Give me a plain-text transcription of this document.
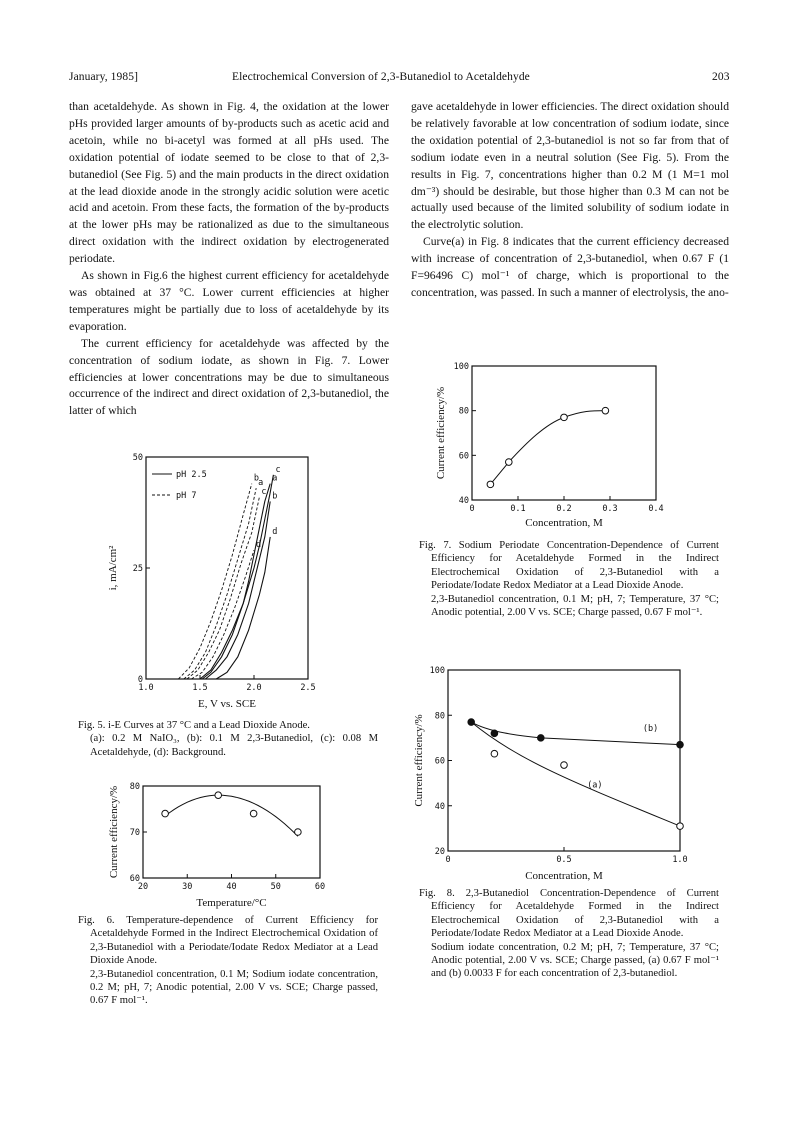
January, 1985]	Electrochemical Conversion of 2,3-Butanediol to Acetaldehyde	203

than acetaldehyde. As shown in Fig. 4, the oxidation at the lower pHs provided larger amounts of by-products such as acetic acid and acetoin, while no bi-acetyl was formed at all pHs used. The oxidation potential of iodate seemed to be close to that of 2,3-butanediol (See Fig. 5) and the main products in the direct oxidation at the lead dioxide anode in the strongly acidic solution were acetic acid and acetoin. From these facts, the formation of the by-products at the lower pHs may be rationalized as due to the simultaneous direct oxidation with the indirect oxidation by electrogenerated periodate.

As shown in Fig.6 the highest current efficiency for acetaldehyde was obtained at 37 °C. Lower current efficiencies at higher temperatures might be partially due to loss of acetaldehyde by its evaporation.

The current efficiency for acetaldehyde was affected by the concentration of sodium iodate, as shown in Fig. 7. Lower efficiencies at lower concentrations may be due to simultaneous occurrence of the indirect and direct oxidation of 2,3-butanediol, the latter of which

gave acetaldehyde in lower efficiencies. The direct oxidation should be relatively favorable at low concentration of sodium iodate, since the oxidation potential of 2,3-butanediol is not so far from that of sodium iodate even in a neutral solution (See Fig. 5). From the results in Fig. 7, concentrations higher than 0.2 M (1 M=1 mol dm⁻³) should be desirable, but those higher than 0.3 M can not be actually used because of the limited solubility of sodium iodate in the electrolytic solution.

Curve(a) in Fig. 8 indicates that the current efficiency decreased with increase of concentration of 2,3-butanediol, when 0.67 F (1 F=96496 C) mol⁻¹ of charge, which is proportional to the concentration, was passed. In such a manner of electrolysis, the ano-

1.0	1.5	2.0	2.5
0
25
50
E, V vs. SCE
i, mA/cm²
a
b
c
d
a
b
c
d
pH 2.5
pH 7
20	30	40	50	60
60
70
80
Temperature/°C
Current efficiency/%
0	0.1	0.2	0.3	0.4
40
60
80
100
Concentration, M
Current efficiency/%
0	0.5	1.0
20
40
60
80
100
Concentration, M
Current efficiency/%	(b)
(a)

Fig. 5. i-E Curves at 37 °C and a Lead Dioxide Anode.

(a): 0.2 M NaIO₃, (b): 0.1 M 2,3-Butanediol, (c): 0.08 M Acetaldehyde, (d): Background.

Fig. 6. Temperature-dependence of Current Efficiency for Acetaldehyde Formed in the Indirect Electrochemical Oxidation of 2,3-Butanediol with a Periodate/Iodate Redox Mediator at a Lead Dioxide Anode.

2,3-Butanediol concentration, 0.1 M; Sodium iodate concentration, 0.2 M; pH, 7; Anodic potential, 2.00 V vs. SCE; Charge passed, 0.67 F mol⁻¹.

Fig. 7. Sodium Periodate Concentration-Dependence of Current Efficiency for Acetaldehyde Formed in the Indirect Electrochemical Oxidation of 2,3-Butanediol with a Periodate/Iodate Redox Mediator at a Lead Dioxide Anode.

2,3-Butanediol concentration, 0.1 M; pH, 7; Temperature, 37 °C; Anodic potential, 2.00 V vs. SCE; Charge passed, 0.67 F mol⁻¹.

Fig. 8. 2,3-Butanediol Concentration-Dependence of Current Efficiency for Acetaldehyde Formed in the Indirect Electrochemical Oxidation of 2,3-Butanediol with a Periodate/Iodate Redox Mediator at a Lead Dioxide Anode.

Sodium iodate concentration, 0.2 M; pH, 7; Temperature, 37 °C; Anodic potential, 2.00 V vs. SCE; Charge passed, (a) 0.67 F mol⁻¹ and (b) 0.0033 F for each concentration of 2,3-butanediol.
